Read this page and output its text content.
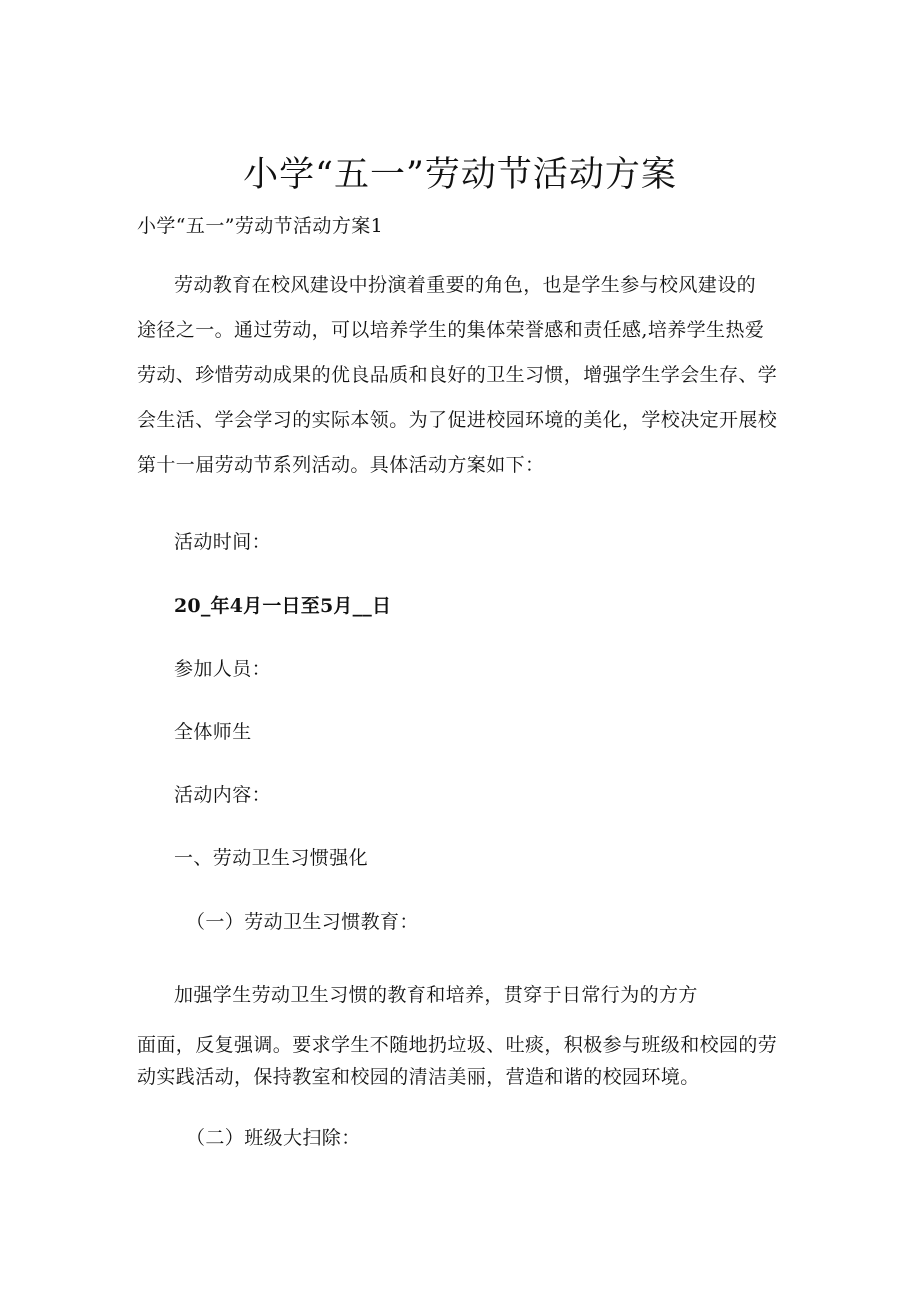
小学“五一”劳动节活动方案
小学“五一”劳动节活动方案1
劳动教育在校风建设中扮演着重要的角色，也是学生参与校风建设的
途径之一。通过劳动，可以培养学生的集体荣誉感和责任感,培养学生热爱
劳动、珍惜劳动成果的优良品质和良好的卫生习惯，增强学生学会生存、学
会生活、学会学习的实际本领。为了促进校园环境的美化，学校决定开展校
第十一届劳动节系列活动。具体活动方案如下：
活动时间：
20_年4月一日至5月__日
参加人员：
全体师生
活动内容：
一、劳动卫生习惯强化
（一）劳动卫生习惯教育：
加强学生劳动卫生习惯的教育和培养，贯穿于日常行为的方方
面面，反复强调。要求学生不随地扔垃圾、吐痰，积极参与班级和校园的劳
动实践活动，保持教室和校园的清洁美丽，营造和谐的校园环境。
（二）班级大扫除：
